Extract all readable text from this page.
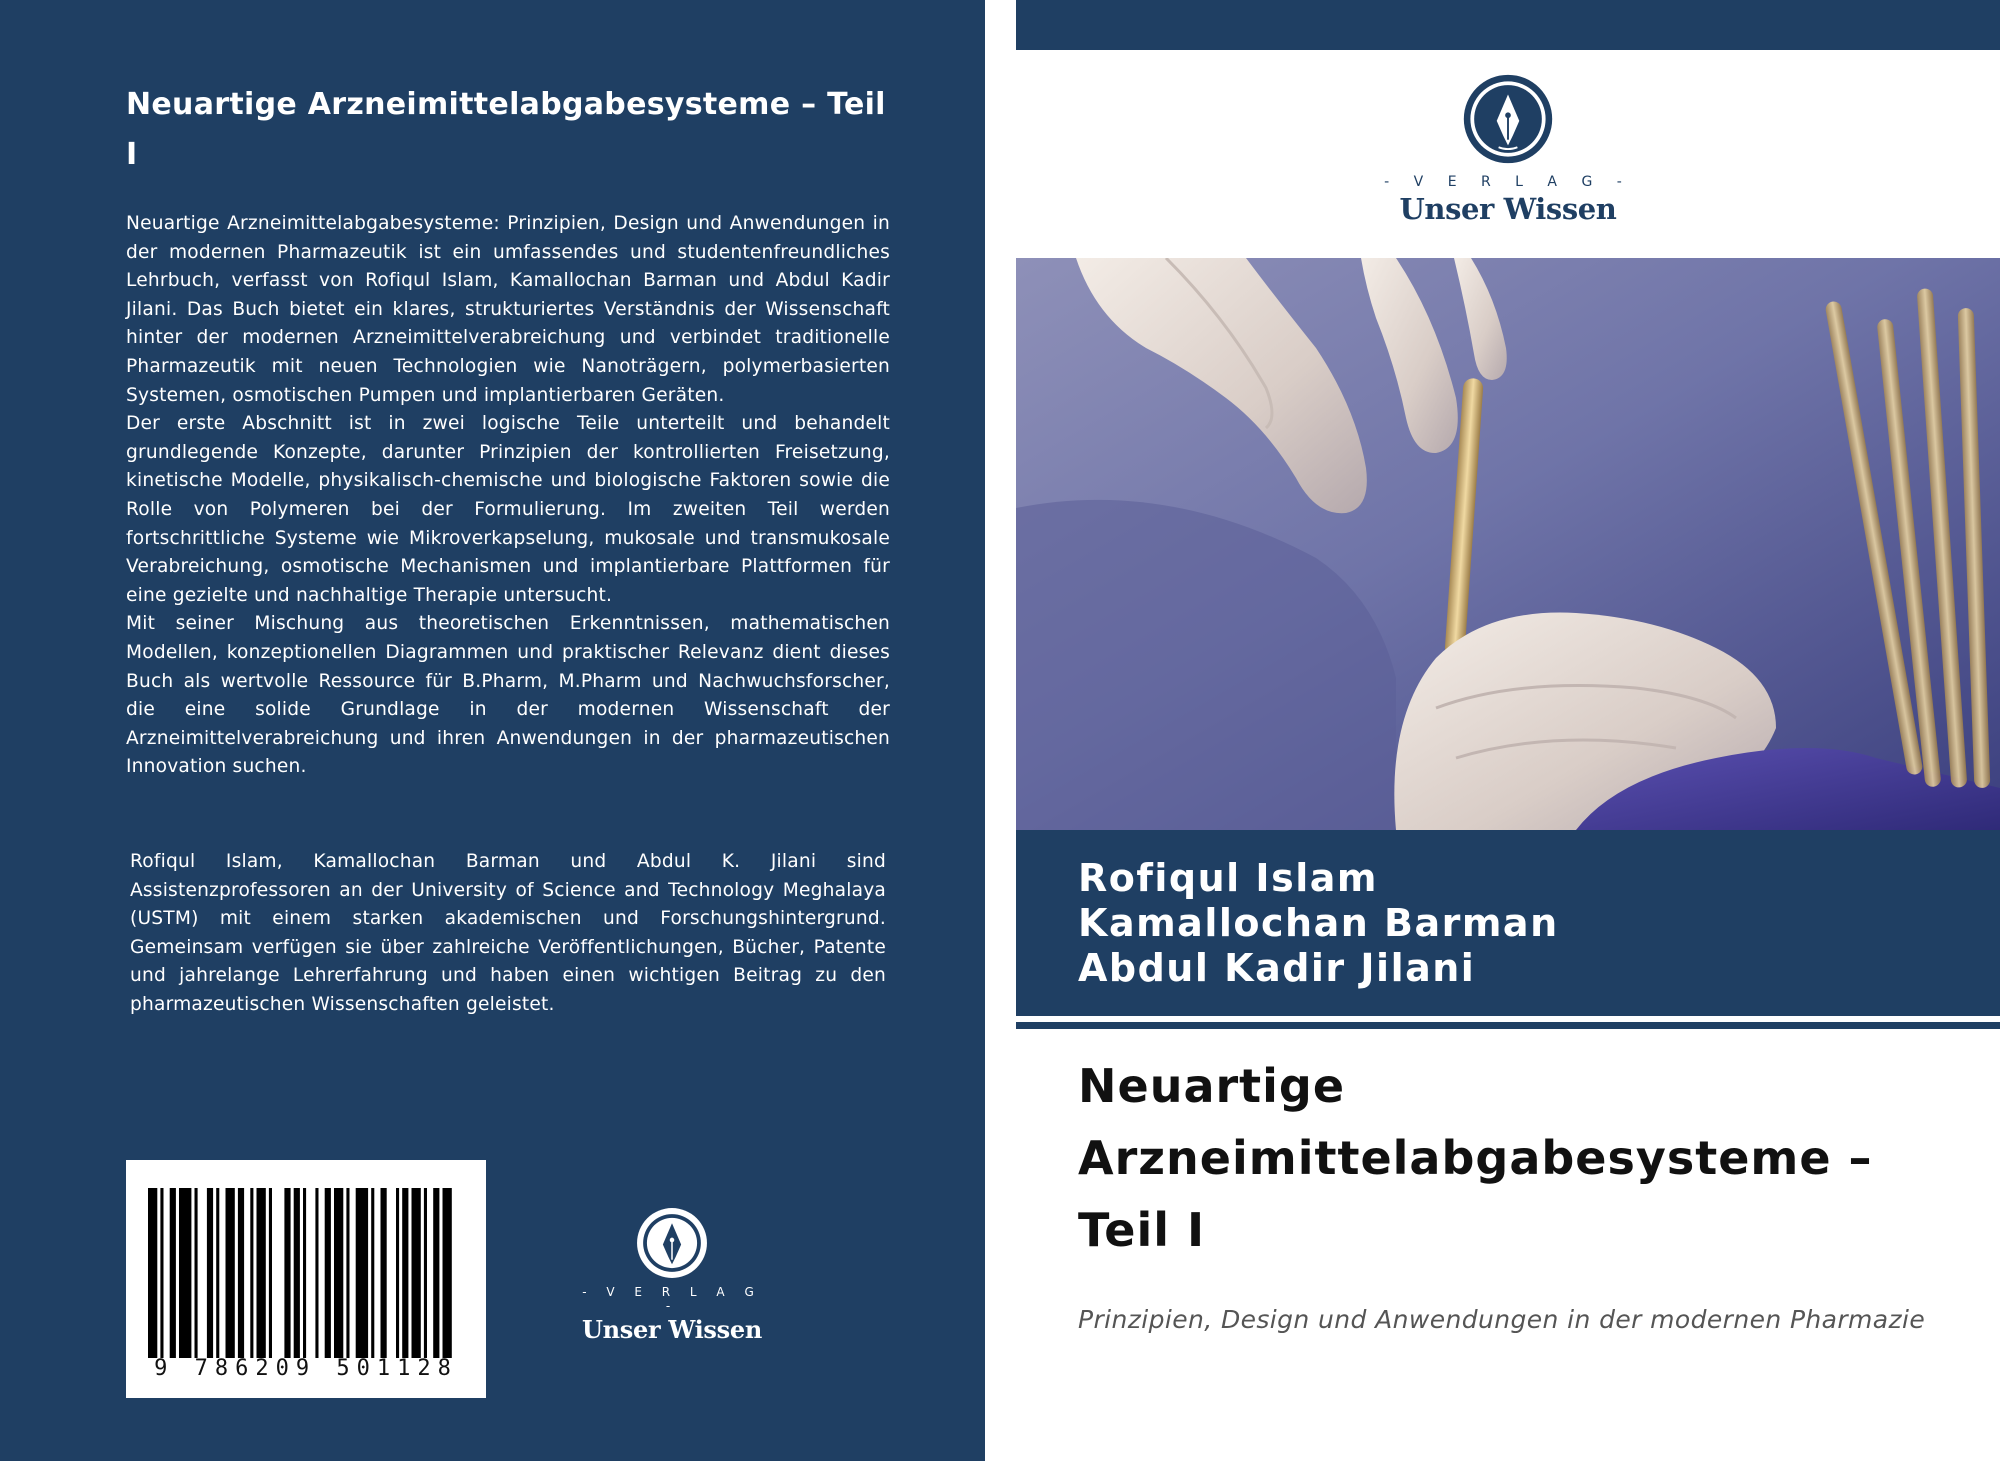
Neuartige Arzneimittelabgabesysteme – Teil I

Neuartige Arzneimittelabgabesysteme: Prinzipien, Design und Anwendungen in der modernen Pharmazeutik ist ein umfassendes und studentenfreundliches Lehrbuch, verfasst von Rofiqul Islam, Kamallochan Barman und Abdul Kadir Jilani. Das Buch bietet ein klares, strukturiertes Verständnis der Wissenschaft hinter der modernen Arzneimittelverabreichung und verbindet traditionelle Pharmazeutik mit neuen Technologien wie Nanoträgern, polymerbasierten Systemen, osmotischen Pumpen und implantierbaren Geräten.

Der erste Abschnitt ist in zwei logische Teile unterteilt und behandelt grundlegende Konzepte, darunter Prinzipien der kontrollierten Freisetzung, kinetische Modelle, physikalisch-chemische und biologische Faktoren sowie die Rolle von Polymeren bei der Formulierung. Im zweiten Teil werden fortschrittliche Systeme wie Mikroverkapselung, mukosale und transmukosale Verabreichung, osmotische Mechanismen und implantierbare Plattformen für eine gezielte und nachhaltige Therapie untersucht.

Mit seiner Mischung aus theoretischen Erkenntnissen, mathematischen Modellen, konzeptionellen Diagrammen und praktischer Relevanz dient dieses Buch als wertvolle Ressource für B.Pharm, M.Pharm und Nachwuchsforscher, die eine solide Grundlage in der modernen Wissenschaft der Arzneimittelverabreichung und ihren Anwendungen in der pharmazeutischen Innovation suchen.

Rofiqul Islam, Kamallochan Barman und Abdul K. Jilani sind Assistenzprofessoren an der University of Science and Technology Meghalaya (USTM) mit einem starken akademischen und Forschungshintergrund. Gemeinsam verfügen sie über zahlreiche Veröffentlichungen, Bücher, Patente und jahrelange Lehrerfahrung und haben einen wichtigen Beitrag zu den pharmazeutischen Wissenschaften geleistet.

9 786209 501128
- V E R L A G -
Unser Wissen
- V E R L A G -
Unser Wissen
Rofiqul Islam
Kamallochan Barman
Abdul Kadir Jilani
Neuartige
Arzneimittelabgabesysteme –
Teil I

Prinzipien, Design und Anwendungen in der modernen Pharmazie
